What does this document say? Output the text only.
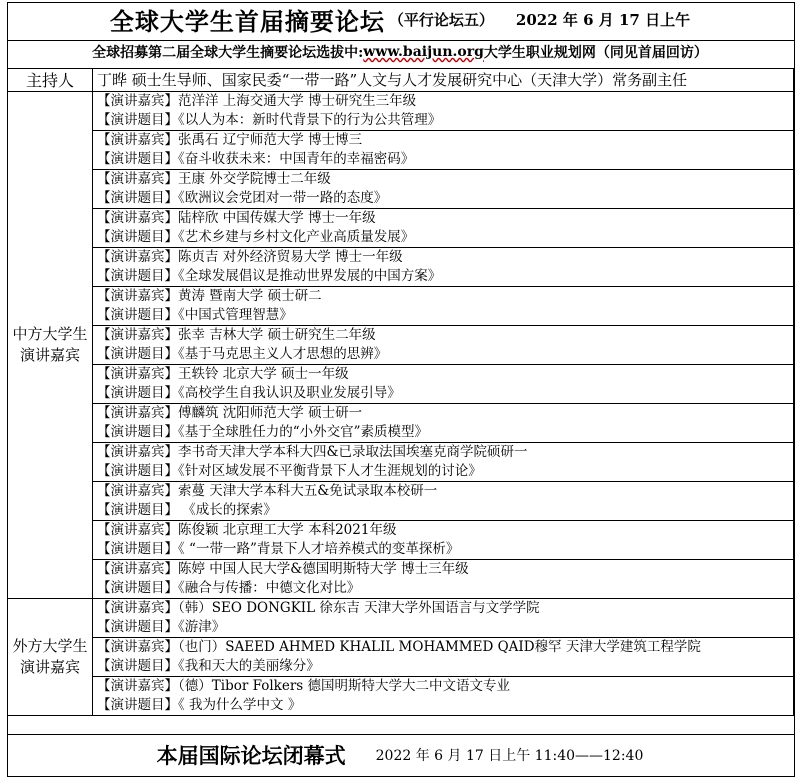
全球大学生首届摘要论坛 （平行论坛五） 2022 年 6 月 17 日上午
全球招募第二届全球大学生摘要论坛选拔中: www.baijun.org 大学生职业规划网（同见首届回访）
主持人	丁晔 硕士生导师、国家民委“一带一路”人文与人才发展研究中心（天津大学）常务副主任
中方大学生演讲嘉宾	【演讲嘉宾】范洋洋 上海交通大学 博士研究生三年级
【演讲题目】《以人为本：新时代背景下的行为公共管理》

	【演讲嘉宾】张禹石 辽宁师范大学 博士博三
【演讲题目】《奋斗收获未来：中国青年的幸福密码》

	【演讲嘉宾】王康 外交学院博士二年级
【演讲题目】《欧洲议会党团对一带一路的态度》

	【演讲嘉宾】陆梓欣 中国传媒大学 博士一年级
【演讲题目】《艺术乡建与乡村文化产业高质量发展》

	【演讲嘉宾】陈贞吉 对外经济贸易大学 博士一年级
【演讲题目】《全球发展倡议是推动世界发展的中国方案》

	【演讲嘉宾】黄涛 暨南大学 硕士研二
【演讲题目】《中国式管理智慧》

	【演讲嘉宾】张幸 吉林大学 硕士研究生二年级
【演讲题目】《基于马克思主义人才思想的思辨》

	【演讲嘉宾】王轶铃 北京大学 硕士一年级
【演讲题目】《高校学生自我认识及职业发展引导》

	【演讲嘉宾】傅麟筑 沈阳师范大学 硕士研一
【演讲题目】《基于全球胜任力的“小外交官”素质模型》

	【演讲嘉宾】李书奇天津大学本科大四&已录取法国埃塞克商学院硕研一
【演讲题目】《针对区域发展不平衡背景下人才生涯规划的讨论》

	【演讲嘉宾】索蔓 天津大学本科大五&免试录取本校研一
【演讲题目】 《成长的探索》

	【演讲嘉宾】陈俊颖 北京理工大学 本科2021年级
【演讲题目】《 “一带一路”背景下人才培养模式的变革探析》

	【演讲嘉宾】陈婷 中国人民大学&德国明斯特大学 博士三年级
【演讲题目】《融合与传播：中德文化对比》

外方大学生演讲嘉宾	【演讲嘉宾】（韩）SEO DONGKIL 徐东吉 天津大学外国语言与文学学院
【演讲题目】《游津》

	【演讲嘉宾】（也门）SAEED AHMED KHALIL MOHAMMED QAID穆罕 天津大学建筑工程学院
【演讲题目】《我和天大的美丽缘分》

	【演讲嘉宾】（德）Tibor Folkers 德国明斯特大学大二中文语文专业
【演讲题目】《 我为什么学中文 》
本届国际论坛闭幕式 2022 年 6 月 17 日上午 11:40——12:40
